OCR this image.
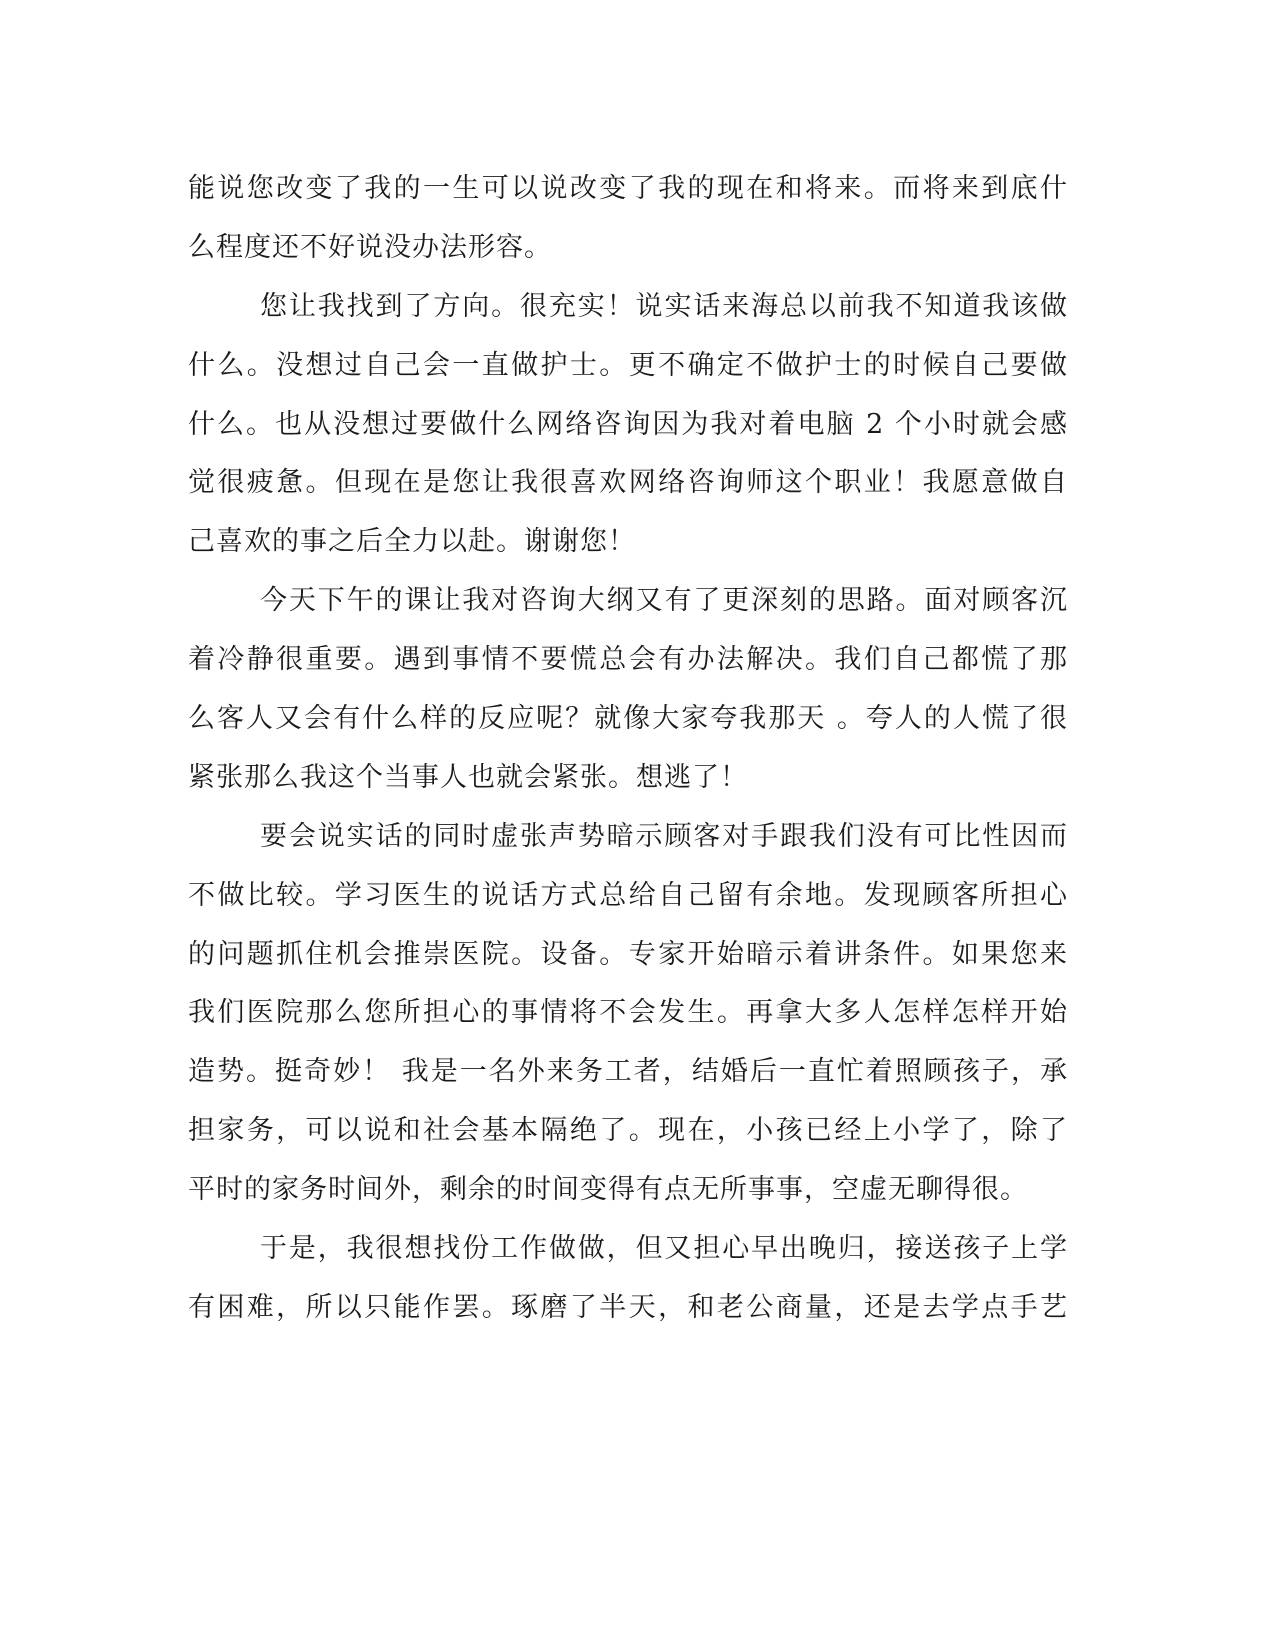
能说您改变了我的一生可以说改变了我的现在和将来。而将来到底什
么程度还不好说没办法形容。
您让我找到了方向。很充实！说实话来海总以前我不知道我该做
什么。没想过自己会一直做护士。更不确定不做护士的时候自己要做
什么。也从没想过要做什么网络咨询因为我对着电脑 2 个小时就会感
觉很疲惫。但现在是您让我很喜欢网络咨询师这个职业！我愿意做自
己喜欢的事之后全力以赴。谢谢您！
今天下午的课让我对咨询大纲又有了更深刻的思路。面对顾客沉
着冷静很重要。遇到事情不要慌总会有办法解决。我们自己都慌了那
么客人又会有什么样的反应呢？就像大家夸我那天 。夸人的人慌了很
紧张那么我这个当事人也就会紧张。想逃了！
要会说实话的同时虚张声势暗示顾客对手跟我们没有可比性因而
不做比较。学习医生的说话方式总给自己留有余地。发现顾客所担心
的问题抓住机会推崇医院。设备。专家开始暗示着讲条件。如果您来
我们医院那么您所担心的事情将不会发生。再拿大多人怎样怎样开始
造势。挺奇妙！ 我是一名外来务工者，结婚后一直忙着照顾孩子，承
担家务，可以说和社会基本隔绝了。现在，小孩已经上小学了，除了
平时的家务时间外，剩余的时间变得有点无所事事，空虚无聊得很。
于是，我很想找份工作做做，但又担心早出晚归，接送孩子上学
有困难，所以只能作罢。琢磨了半天，和老公商量，还是去学点手艺
